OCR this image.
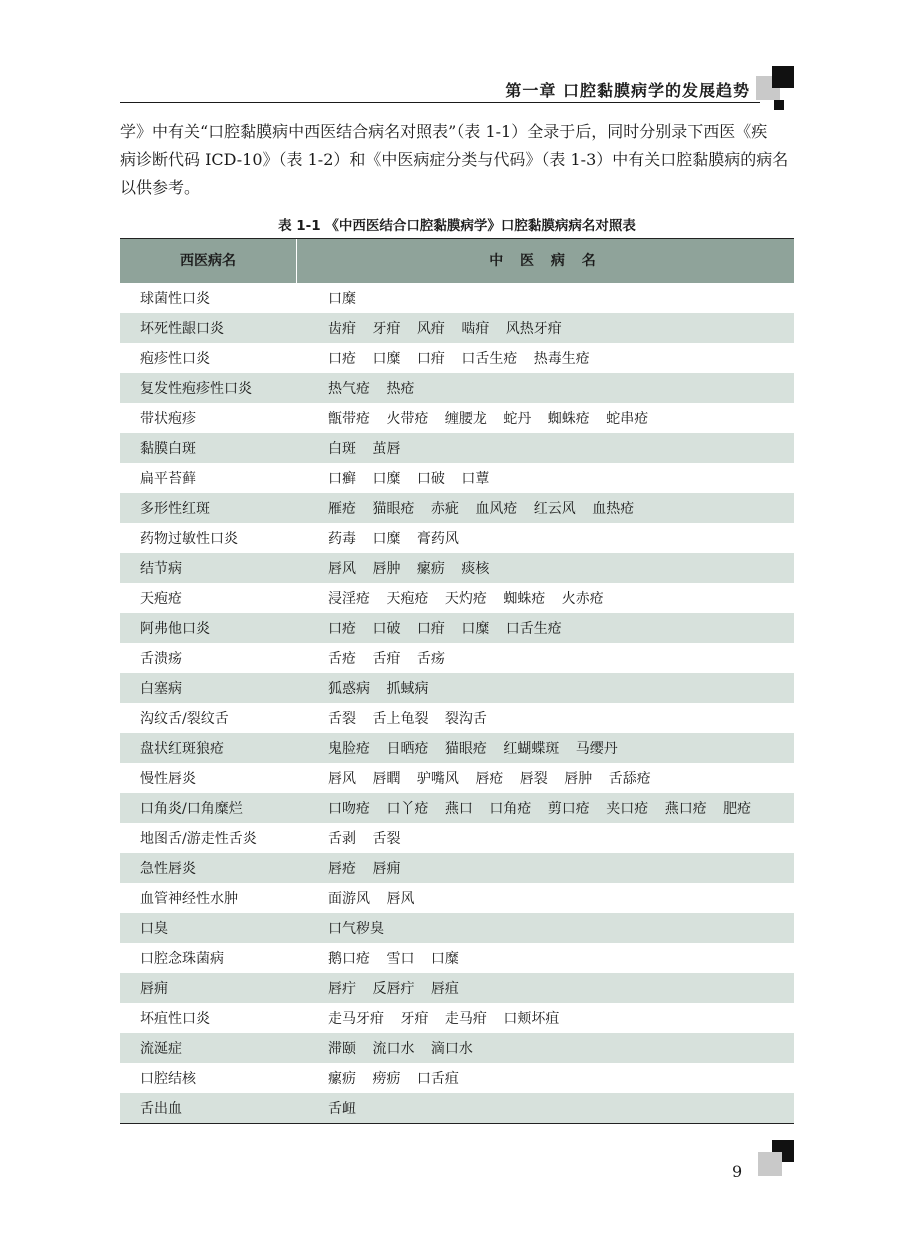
第一章 口腔黏膜病学的发展趋势

学》中有关“口腔黏膜病中西医结合病名对照表”（表 1-1）全录于后，同时分别录下西医《疾

病诊断代码 ICD-10》（表 1-2）和《中医病症分类与代码》（表 1-3）中有关口腔黏膜病的病名

以供参考。

表 1-1 《中西医结合口腔黏膜病学》口腔黏膜病病名对照表
西医病名	中 医 病 名
球菌性口炎	口糜
坏死性龈口炎	齿疳 牙疳 风疳 啮疳 风热牙疳
疱疹性口炎	口疮 口糜 口疳 口舌生疮 热毒生疮
复发性疱疹性口炎	热气疮 热疮
带状疱疹	甑带疮 火带疮 缠腰龙 蛇丹 蜘蛛疮 蛇串疮
黏膜白斑	白斑 茧唇
扁平苔藓	口癣 口糜 口破 口蕈
多形性红斑	雁疮 猫眼疮 赤疵 血风疮 红云风 血热疮
药物过敏性口炎	药毒 口糜 膏药风
结节病	唇风 唇肿 瘰疬 痰核
天疱疮	浸淫疮 天疱疮 天灼疮 蜘蛛疮 火赤疮
阿弗他口炎	口疮 口破 口疳 口糜 口舌生疮
舌溃疡	舌疮 舌疳 舌疡
白塞病	狐惑病 抓蜮病
沟纹舌/裂纹舌	舌裂 舌上龟裂 裂沟舌
盘状红斑狼疮	鬼脸疮 日晒疮 猫眼疮 红蝴蝶斑 马缨丹
慢性唇炎	唇风 唇瞤 驴嘴风 唇疮 唇裂 唇肿 舌舔疮
口角炎/口角糜烂	口吻疮 口丫疮 燕口 口角疮 剪口疮 夹口疮 燕口疮 肥疮
地图舌/游走性舌炎	舌剥 舌裂
急性唇炎	唇疮 唇痈
血管神经性水肿	面游风 唇风
口臭	口气秽臭
口腔念珠菌病	鹅口疮 雪口 口糜
唇痈	唇疔 反唇疔 唇疽
坏疽性口炎	走马牙疳 牙疳 走马疳 口颊坏疽
流涎症	滞颐 流口水 滴口水
口腔结核	瘰疬 痨疬 口舌疽
舌出血	舌衄
9
